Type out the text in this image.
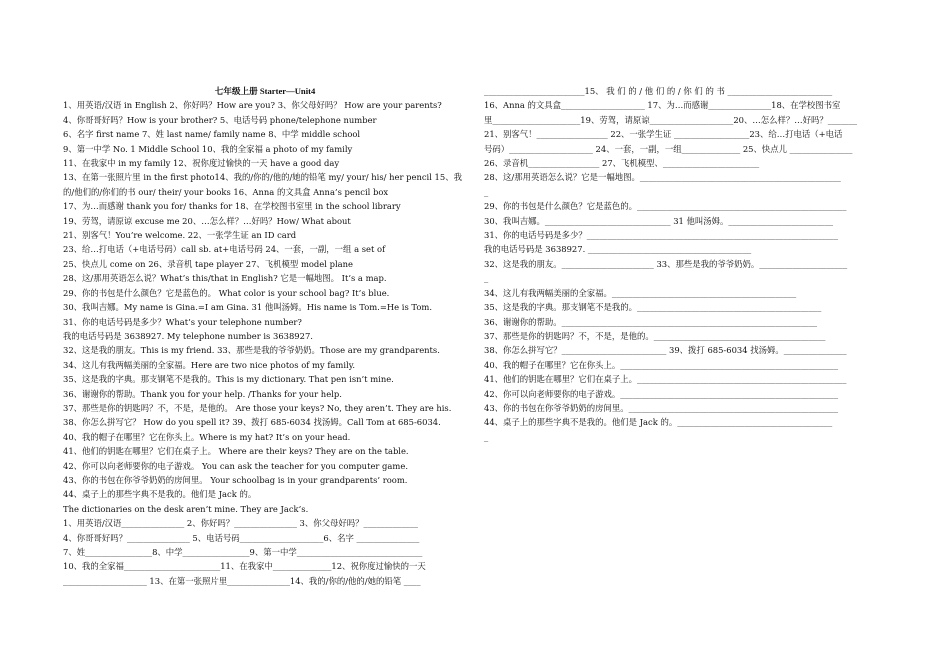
七年级上册 Starter—Unit4
1、用英语/汉语 in English 2、你好吗？How are you? 3、你父母好吗？ How are your parents?
4、你哥哥好吗？How is your brother? 5、电话号码 phone/telephone number
6、名字 first name 7、姓 last name/ family name 8、中学 middle school
9、第一中学 No. 1 Middle School 10、我的全家福 a photo of my family
11、在我家中 in my family 12、祝你度过愉快的一天 have a good day
13、在第一张照片里 in the first photo14、我的/你的/他的/她的铅笔 my/ your/ his/ her pencil 15、我的/他们的/你们的书 our/ their/ your books 16、Anna 的文具盒 Anna’s pencil box
17、为…而感谢 thank you for/ thanks for 18、在学校图书室里 in the school library
19、劳驾，请原谅 excuse me 20、…怎么样？…好吗？How/ What about
21、别客气！You’re welcome. 22、一张学生证 an ID card
23、给…打电话（+电话号码）call sb. at+电话号码 24、一套，一副，一组 a set of
25、快点儿 come on 26、录音机 tape player 27、飞机模型 model plane
28、这/那用英语怎么说？What’s this/that in English? 它是一幅地图。 It’s a map.
29、你的书包是什么颜色？它是蓝色的。 What color is your school bag? It’s blue.
30、我叫吉娜。My name is Gina.=I am Gina. 31 他叫汤姆。His name is Tom.=He is Tom.
31、你的电话号码是多少？What’s your telephone number?
我的电话号码是 3638927. My telephone number is 3638927.
32、这是我的朋友。This is my friend. 33、那些是我的爷爷奶奶。Those are my grandparents.
34、这儿有我两幅美丽的全家福。Here are two nice photos of my family.
35、这是我的字典。那支钢笔不是我的。This is my dictionary. That pen isn’t mine.
36、谢谢你的帮助。Thank you for your help. /Thanks for your help.
37、那些是你的钥匙吗？不，不是，是他的。 Are those your keys? No, they aren’t. They are his.
38、你怎么拼写它？ How do you spell it? 39、拨打 685-6034 找汤姆。Call Tom at 685-6034.
40、我的帽子在哪里？它在你头上。Where is my hat? It’s on your head.
41、他们的钥匙在哪里？它们在桌子上。 Where are their keys? They are on the table.
42、你可以向老师要你的电子游戏。 You can ask the teacher for you computer game.
43、你的书包在你爷爷奶奶的房间里。 Your schoolbag is in your grandparents’ room.
44、桌子上的那些字典不是我的。他们是 Jack 的。
The dictionaries on the desk aren’t mine. They are Jack’s.
1、用英语/汉语_______________ 2、你好吗？_______________ 3、你父母好吗？_____________
4、你哥哥好吗？_______________ 5、电话号码____________________6、名字 _______________
7、姓________________8、中学________________9、第一中学______________________________
10、我的全家福_______________________11、在我家中______________12、祝你度过愉快的一天
____________________ 13、在第一张照片里_______________14、我的/你的/他的/她的铅笔 ____
________________________15、 我 们 的 / 他 们 的 / 你 们 的 书 _________________________
16、Anna 的文具盒____________________ 17、为…而感谢_______________18、在学校图书室
里_____________________19、劳驾，请原谅____________________20、…怎么样？…好吗？_______
21、别客气！_________________ 22、一张学生证 __________________23、给…打电话（+电话
号码）____________________ 24、一套，一副，一组______________ 25、快点儿 _______________
26、录音机_________________ 27、飞机模型、_______________________
28、这/那用英语怎么说？它是一幅地图。________________________________________________
_
29、你的书包是什么颜色？它是蓝色的。__________________________________________________
30、我叫吉娜。______________________________ 31 他叫汤姆。_________________________
31、你的电话号码是多少？____________________________________________________________
我的电话号码是 3638927. _______________________________________
32、这是我的朋友。______________________ 33、那些是我的爷爷奶奶。_____________________
_
34、这儿有我两幅美丽的全家福。____________________________________________
35、这是我的字典。那支钢笔不是我的。____________________________________________
36、谢谢你的帮助。_____________________________________________________________
37、那些是你的钥匙吗？不，不是，是他的。_________________________________________
38、你怎么拼写它？_________________________ 39、拨打 685-6034 找汤姆。_______________
40、我的帽子在哪里？它在你头上。____________________________________________________
41、他们的钥匙在哪里？它们在桌子上。__________________________________________________
42、你可以向老师要你的电子游戏。____________________________________________________
43、你的书包在你爷爷奶奶的房间里。__________________________________________________
44、桌子上的那些字典不是我的。他们是 Jack 的。_____________________________________
_
